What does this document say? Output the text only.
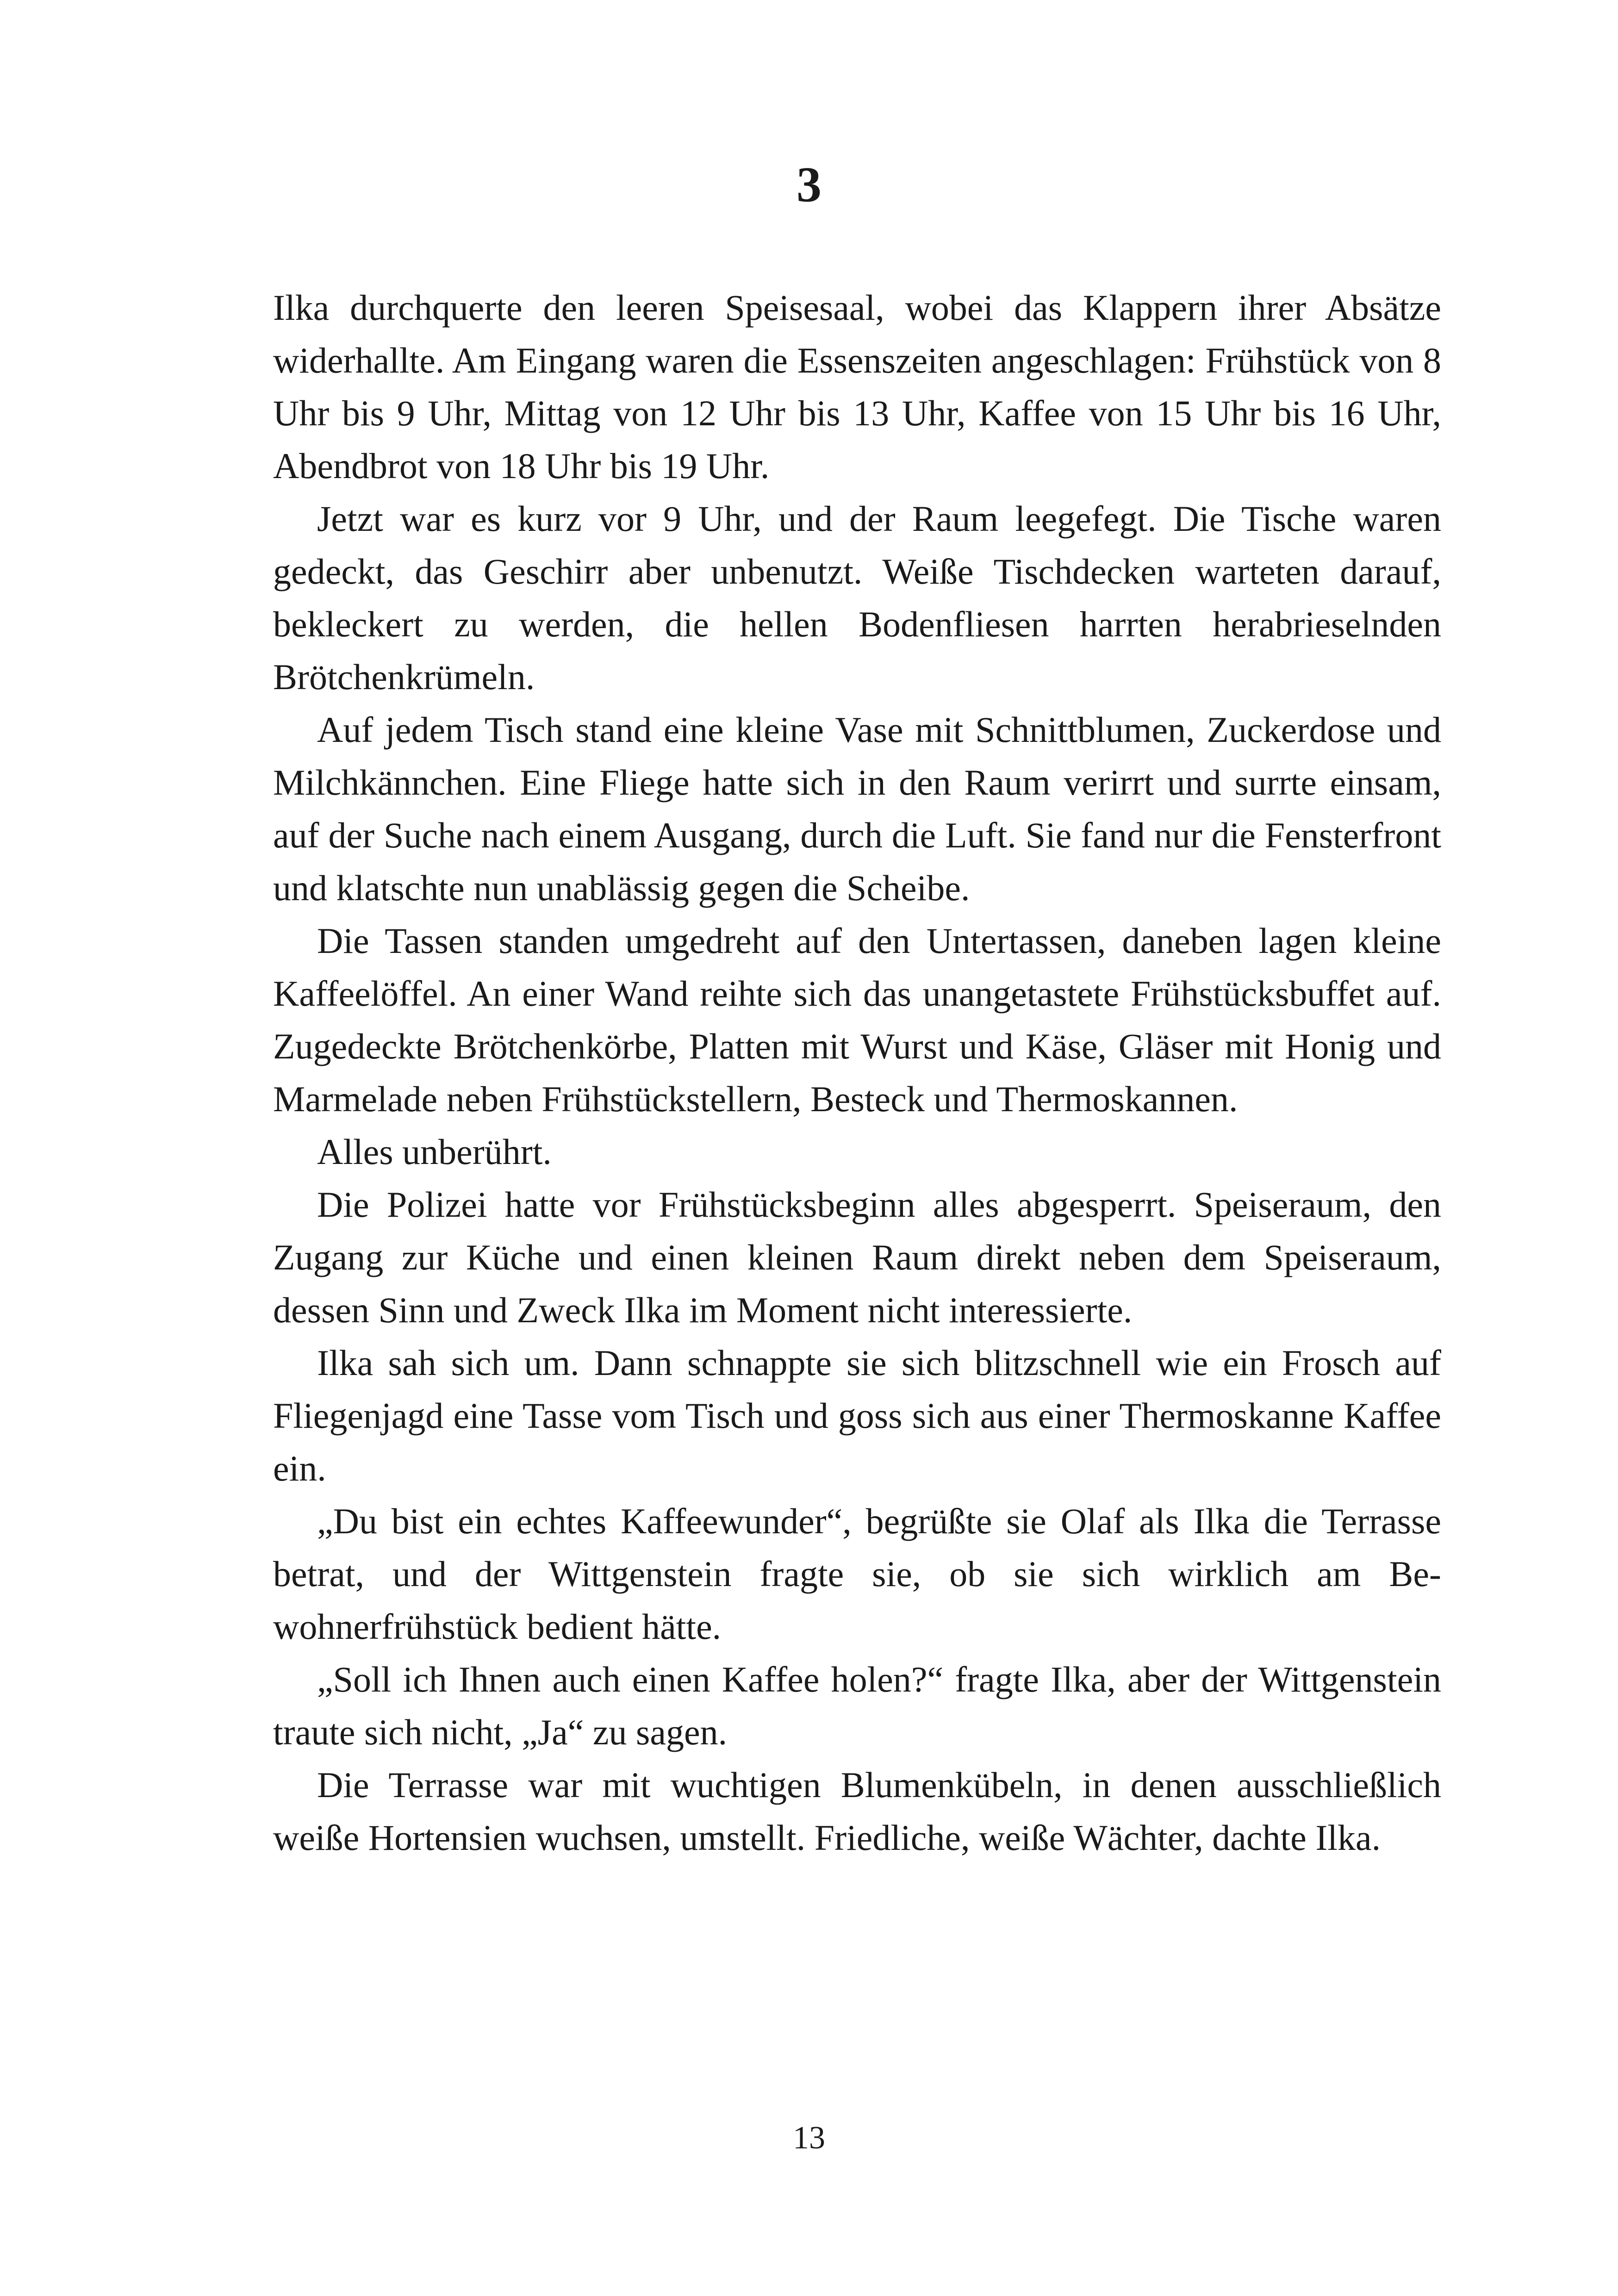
3

Ilka durchquerte den leeren Speisesaal, wobei das Klappern ihrer Absätze widerhallte. Am Eingang waren die Essenszeiten angeschlagen: Frühstück von 8 Uhr bis 9 Uhr, Mittag von 12 Uhr bis 13 Uhr, Kaffee von 15 Uhr bis 16 Uhr, Abendbrot von 18 Uhr bis 19 Uhr.

Jetzt war es kurz vor 9 Uhr, und der Raum leegefegt. Die Tische waren gedeckt, das Geschirr aber unbenutzt. Weiße Tischdecken warteten darauf, bekleckert zu werden, die hellen Bodenfliesen harrten herabrieselnden Brötchenkrümeln.

Auf jedem Tisch stand eine kleine Vase mit Schnittblumen, Zuckerdose und Milchkännchen. Eine Fliege hatte sich in den Raum verirrt und surrte einsam, auf der Suche nach einem Ausgang, durch die Luft. Sie fand nur die Fensterfront und klatschte nun unablässig gegen die Scheibe.

Die Tassen standen umgedreht auf den Untertassen, daneben lagen kleine Kaffeelöffel. An einer Wand reihte sich das unangetastete Frühstücksbuffet auf. Zugedeckte Brötchenkörbe, Platten mit Wurst und Käse, Gläser mit Honig und Marmelade neben Frühstückstellern, Besteck und Thermoskannen.

Alles unberührt.

Die Polizei hatte vor Frühstücksbeginn alles abgesperrt. Speiseraum, den Zugang zur Küche und einen kleinen Raum direkt neben dem Speiseraum, dessen Sinn und Zweck Ilka im Moment nicht interessierte.

Ilka sah sich um. Dann schnappte sie sich blitzschnell wie ein Frosch auf Fliegenjagd eine Tasse vom Tisch und goss sich aus einer Thermoskanne Kaffee ein.

„Du bist ein echtes Kaffeewunder“, begrüßte sie Olaf als Ilka die Terrasse betrat, und der Wittgenstein fragte sie, ob sie sich wirklich am Bewohnerfrühstück bedient hätte.

„Soll ich Ihnen auch einen Kaffee holen?“ fragte Ilka, aber der Wittgenstein traute sich nicht, „Ja“ zu sagen.

Die Terrasse war mit wuchtigen Blumenkübeln, in denen ausschließlich weiße Hortensien wuchsen, umstellt. Friedliche, weiße Wächter, dachte Ilka.

13
